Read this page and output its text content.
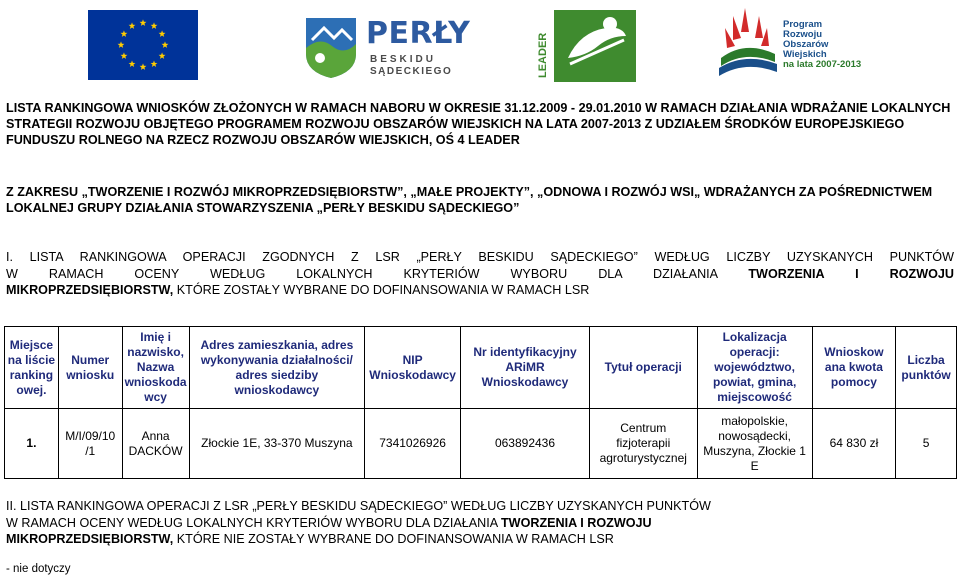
PERŁY
BESKIDU
SĄDECKIEGO	LEADER
Program
Rozwoju
Obszarów
Wiejskich
na lata 2007-2013
LISTA RANKINGOWA WNIOSKÓW ZŁOŻONYCH W RAMACH NABORU W OKRESIE 31.12.2009 - 29.01.2010 W RAMACH DZIAŁANIA WDRAŻANIE LOKALNYCH STRATEGII ROZWOJU OBJĘTEGO PROGRAMEM ROZWOJU OBSZARÓW WIEJSKICH NA LATA 2007-2013 Z UDZIAŁEM ŚRODKÓW EUROPEJSKIEGO FUNDUSZU ROLNEGO NA RZECZ ROZWOJU OBSZARÓW WIEJSKICH, OŚ 4 LEADER
Z ZAKRESU „TWORZENIE I ROZWÓJ MIKROPRZEDSIĘBIORSTW”, „MAŁE PROJEKTY”, „ODNOWA I ROZWÓJ WSI„ WDRAŻANYCH ZA POŚREDNICTWEM LOKALNEJ GRUPY DZIAŁANIA STOWARZYSZENIA „PERŁY BESKIDU SĄDECKIEGO”
I. LISTA RANKINGOWA OPERACJI ZGODNYCH Z LSR „PERŁY BESKIDU SĄDECKIEGO” WEDŁUG LICZBY UZYSKANYCH PUNKTÓW
W RAMACH OCENY WEDŁUG LOKALNYCH KRYTERIÓW WYBORU DLA DZIAŁANIA TWORZENIA I ROZWOJU
MIKROPRZEDSIĘBIORSTW, KTÓRE ZOSTAŁY WYBRANE DO DOFINANSOWANIA W RAMACH LSR
Miejsce na liście ranking owej.	Numer wniosku	Imię i nazwisko, Nazwa wnioskoda wcy	Adres zamieszkania, adres wykonywania działalności/ adres siedziby wnioskodawcy	NIP Wnioskodawcy	Nr identyfikacyjny ARiMR Wnioskodawcy	Tytuł operacji	Lokalizacja operacji: województwo, powiat, gmina, miejscowość	Wnioskow ana kwota pomocy	Liczba punktów
1.	M/I/09/10 /1	Anna DACKÓW	Złockie 1E, 33-370 Muszyna	7341026926	063892436	Centrum fizjoterapii agroturystycznej	małopolskie, nowosądecki, Muszyna, Złockie 1 E	64 830 zł	5
II. LISTA RANKINGOWA OPERACJI Z LSR „PERŁY BESKIDU SĄDECKIEGO” WEDŁUG LICZBY UZYSKANYCH PUNKTÓW
W RAMACH OCENY WEDŁUG LOKALNYCH KRYTERIÓW WYBORU DLA DZIAŁANIA TWORZENIA I ROZWOJU
MIKROPRZEDSIĘBIORSTW, KTÓRE NIE ZOSTAŁY WYBRANE DO DOFINANSOWANIA W RAMACH LSR
- nie dotyczy
